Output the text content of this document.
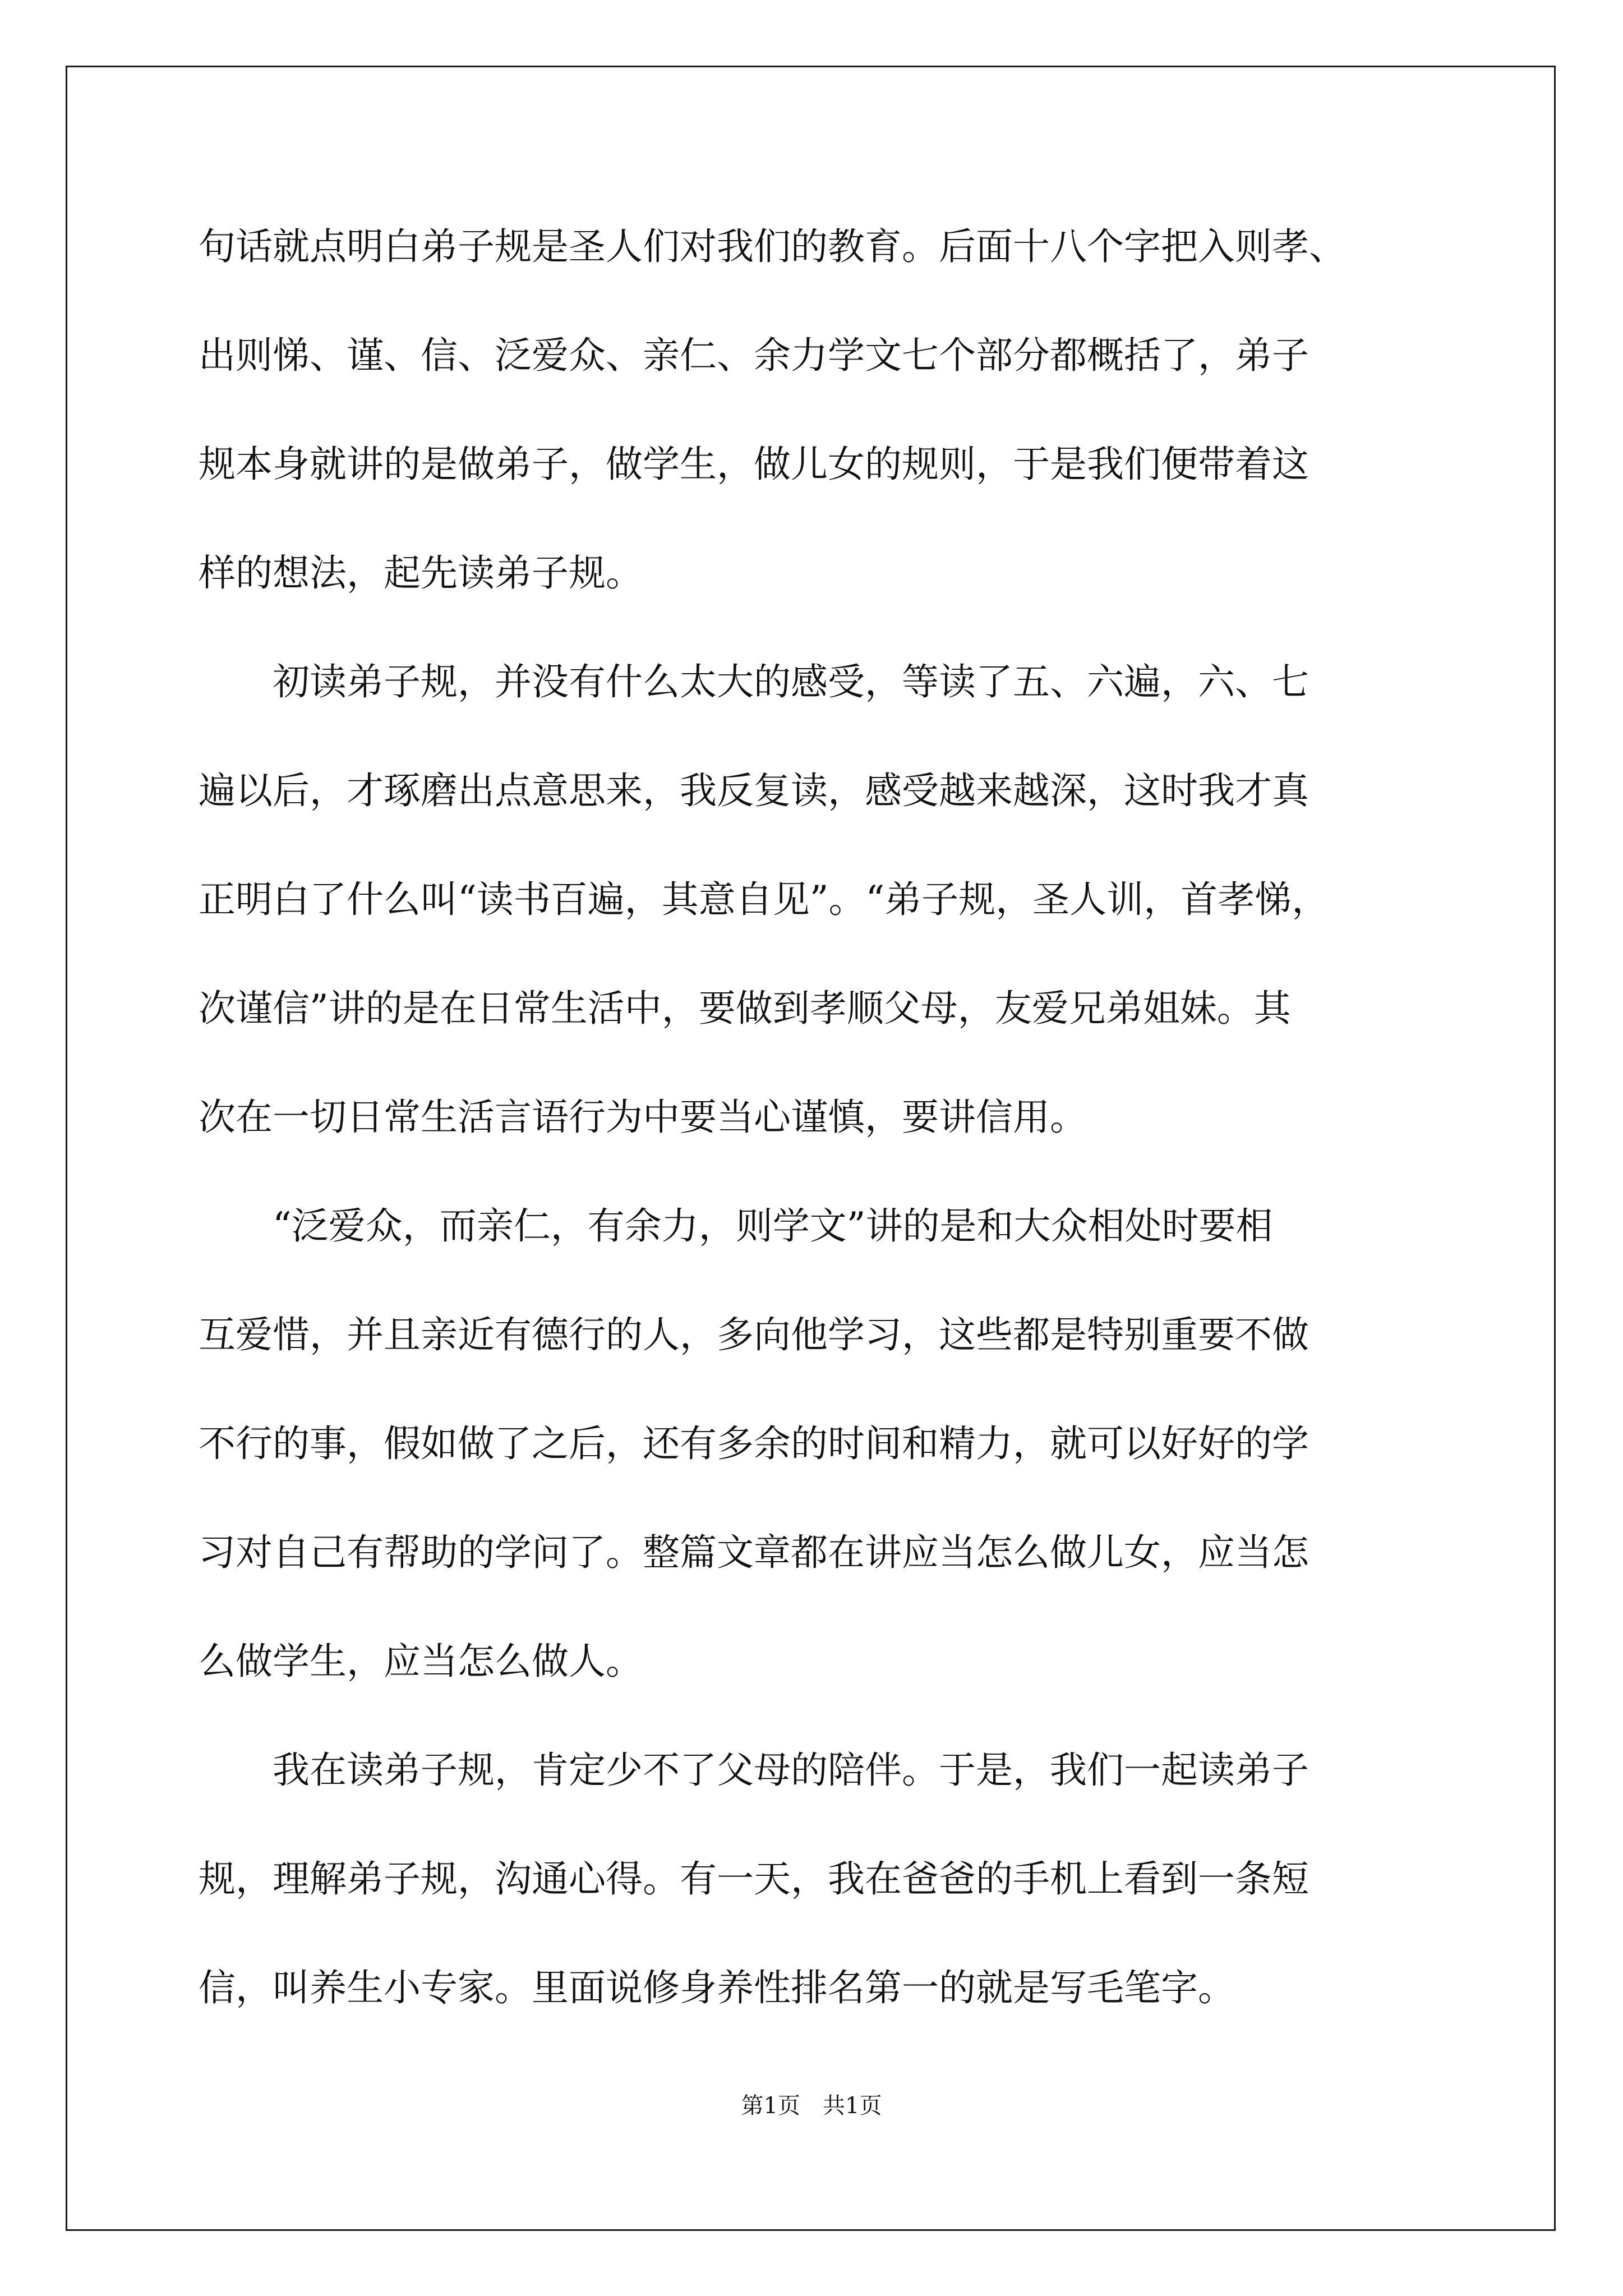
句话就点明白弟子规是圣人们对我们的教育。后面十八个字把入则孝、

出则悌、谨、信、泛爱众、亲仁、余力学文七个部分都概括了，弟子

规本身就讲的是做弟子，做学生，做儿女的规则，于是我们便带着这

样的想法，起先读弟子规。

　　初读弟子规，并没有什么太大的感受，等读了五、六遍，六、七

遍以后，才琢磨出点意思来，我反复读，感受越来越深，这时我才真

正明白了什么叫“读书百遍，其意自见”。“弟子规，圣人训，首孝悌，

次谨信”讲的是在日常生活中，要做到孝顺父母，友爱兄弟姐妹。其

次在一切日常生活言语行为中要当心谨慎，要讲信用。

　　“泛爱众，而亲仁，有余力，则学文”讲的是和大众相处时要相

互爱惜，并且亲近有德行的人，多向他学习，这些都是特别重要不做

不行的事，假如做了之后，还有多余的时间和精力，就可以好好的学

习对自己有帮助的学问了。整篇文章都在讲应当怎么做儿女，应当怎

么做学生，应当怎么做人。

　　我在读弟子规，肯定少不了父母的陪伴。于是，我们一起读弟子

规，理解弟子规，沟通心得。有一天，我在爸爸的手机上看到一条短

信，叫养生小专家。里面说修身养性排名第一的就是写毛笔字。

第1页　共1页
